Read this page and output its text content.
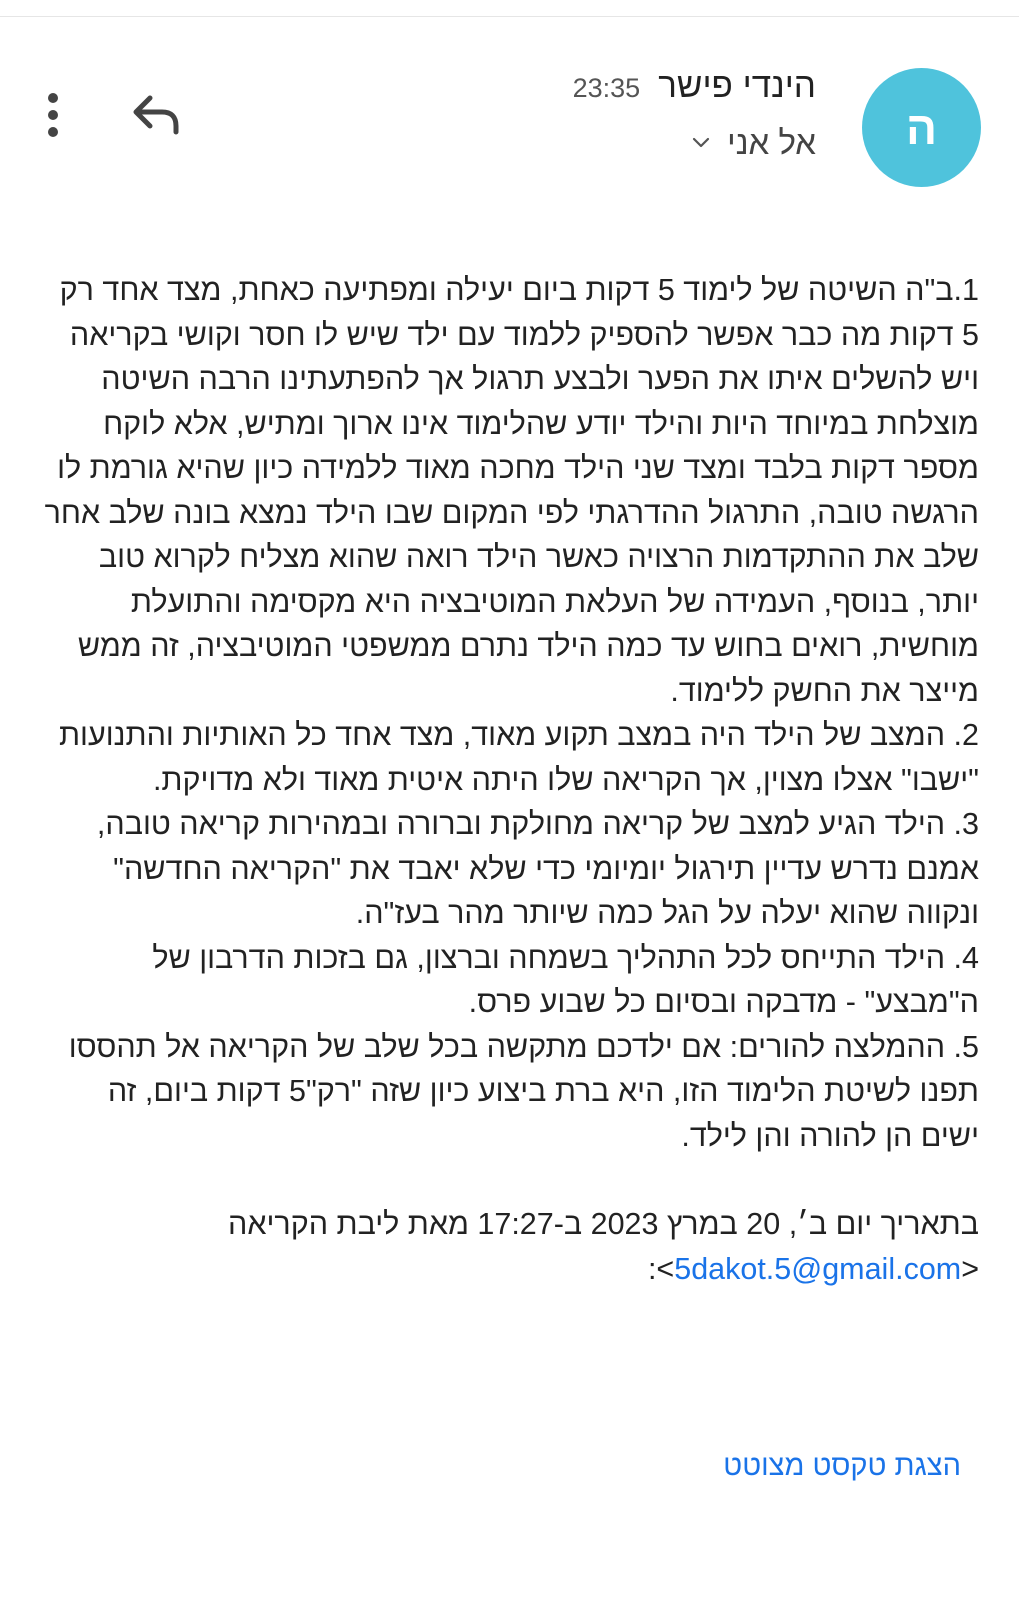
ה
הינדי פישר
23:35
אל אני

1.ב"ה השיטה של לימוד 5 דקות ביום יעילה ומפתיעה כאחת, מצד אחד רק 5 דקות מה כבר אפשר להספיק ללמוד עם ילד שיש לו חסר וקושי בקריאה ויש להשלים איתו את הפער ולבצע תרגול אך להפתעתינו הרבה השיטה מוצלחת במיוחד היות והילד יודע שהלימוד אינו ארוך ומתיש, אלא לוקח מספר דקות בלבד ומצד שני הילד מחכה מאוד ללמידה כיון שהיא גורמת לו הרגשה טובה, התרגול ההדרגתי לפי המקום שבו הילד נמצא בונה שלב אחר שלב את ההתקדמות הרצויה כאשר הילד רואה שהוא מצליח לקרוא טוב יותר, בנוסף, העמידה של העלאת המוטיבציה היא מקסימה והתועלת מוחשית, רואים בחוש עד כמה הילד נתרם ממשפטי המוטיבציה, זה ממש מייצר את החשק ללימוד.

2. המצב של הילד היה במצב תקוע מאוד, מצד אחד כל האותיות והתנועות "ישבו" אצלו מצוין, אך הקריאה שלו היתה איטית מאוד ולא מדויקת.

3. הילד הגיע למצב של קריאה מחולקת וברורה ובמהירות קריאה טובה, אמנם נדרש עדיין תירגול יומיומי כדי שלא יאבד את "הקריאה החדשה" ונקווה שהוא יעלה על הגל כמה שיותר מהר בעז"ה.

4. הילד התייחס לכל התהליך בשמחה וברצון, גם בזכות הדרבון של ה"מבצע" - מדבקה ובסיום כל שבוע פרס.

5. ההמלצה להורים: אם ילדכם מתקשה בכל שלב של הקריאה אל תהססו תפנו לשיטת הלימוד הזו, היא ברת ביצוע כיון שזה "רק"5 דקות ביום, זה ישים הן להורה והן לילד.

בתאריך יום ב׳, 20 במרץ 2023 ב-17:27 מאת ליבת הקריאה <5dakot.5@gmail.com>:

הצגת טקסט מצוטט
